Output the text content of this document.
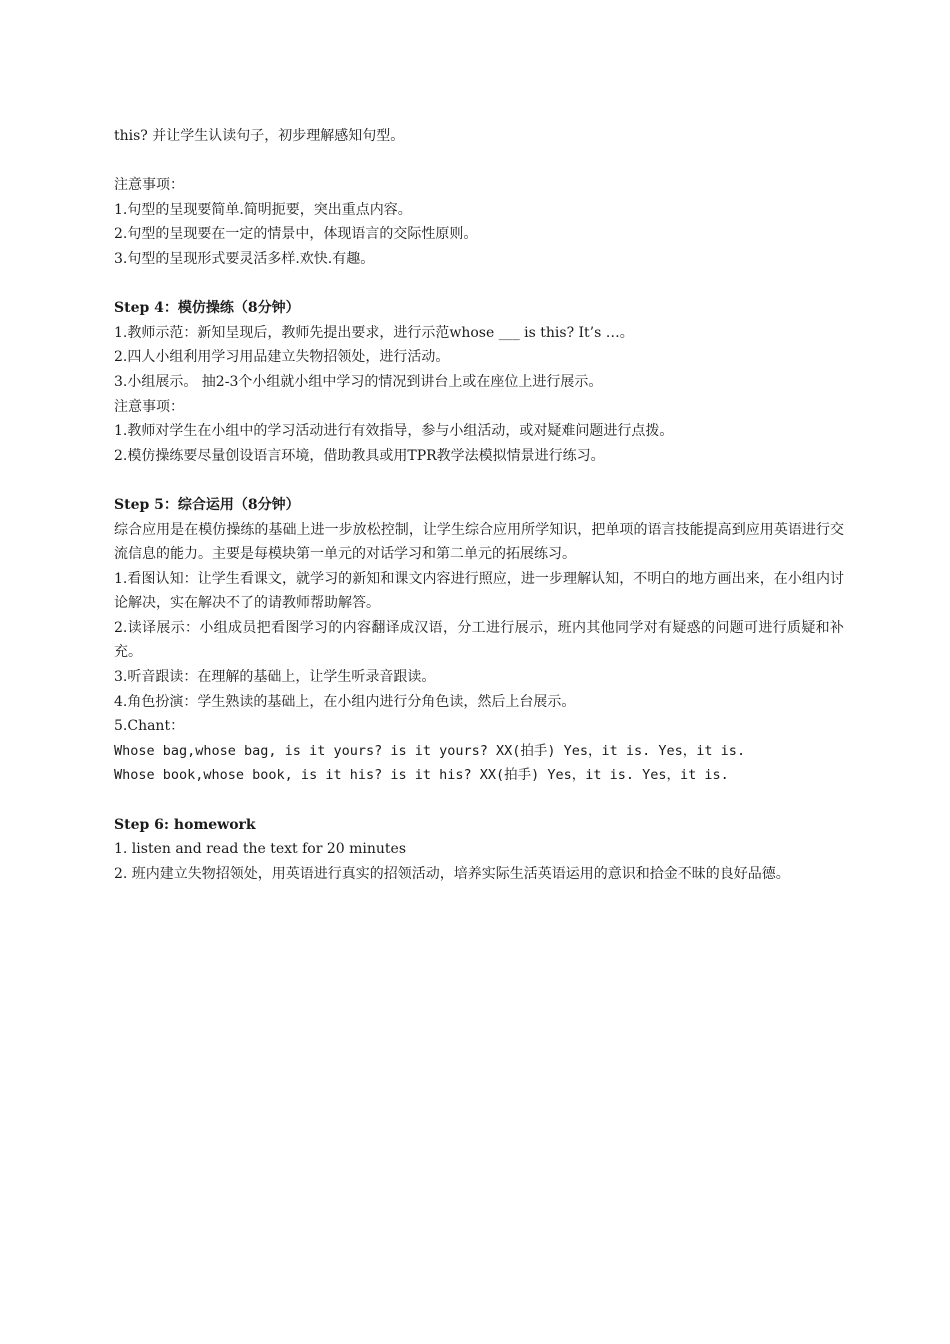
this? 并让学生认读句子，初步理解感知句型。
注意事项：
1.句型的呈现要简单.简明扼要，突出重点内容。
2.句型的呈现要在一定的情景中，体现语言的交际性原则。
3.句型的呈现形式要灵活多样.欢快.有趣。
Step 4：模仿操练（8分钟）
1.教师示范：新知呈现后，教师先提出要求，进行示范whose ___ is this? It’s …。
2.四人小组利用学习用品建立失物招领处，进行活动。
3.小组展示。 抽2-3个小组就小组中学习的情况到讲台上或在座位上进行展示。
注意事项：
1.教师对学生在小组中的学习活动进行有效指导，参与小组活动，或对疑难问题进行点拨。
2.模仿操练要尽量创设语言环境，借助教具或用TPR教学法模拟情景进行练习。
Step 5：综合运用（8分钟）
综合应用是在模仿操练的基础上进一步放松控制，让学生综合应用所学知识，把单项的语言技能提高到应用英语进行交流信息的能力。主要是每模块第一单元的对话学习和第二单元的拓展练习。
1.看图认知：让学生看课文，就学习的新知和课文内容进行照应，进一步理解认知，不明白的地方画出来，在小组内讨论解决，实在解决不了的请教师帮助解答。
2.读译展示：小组成员把看图学习的内容翻译成汉语，分工进行展示，班内其他同学对有疑惑的问题可进行质疑和补充。
3.听音跟读：在理解的基础上，让学生听录音跟读。
4.角色扮演：学生熟读的基础上，在小组内进行分角色读，然后上台展示。
5.Chant：
Whose bag,whose bag, is it yours? is it yours? XX(拍手) Yes，it is. Yes，it is.
Whose book,whose book, is it his? is it his? XX(拍手) Yes，it is. Yes，it is.
Step 6: homework
1. listen and read the text for 20 minutes
2. 班内建立失物招领处，用英语进行真实的招领活动，培养实际生活英语运用的意识和拾金不昧的良好品德。
